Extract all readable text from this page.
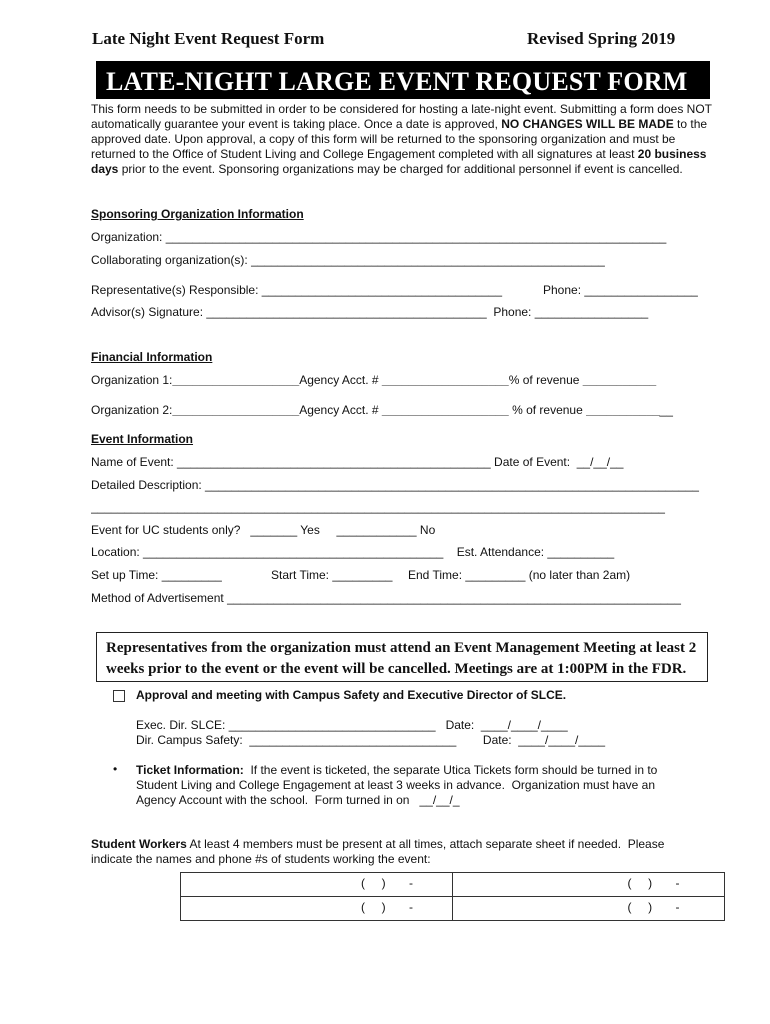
Late Night Event Request Form	Revised Spring 2019
LATE-NIGHT LARGE EVENT REQUEST FORM
This form needs to be submitted in order to be considered for hosting a late-night event. Submitting a form does NOT automatically guarantee your event is taking place. Once a date is approved, NO CHANGES WILL BE MADE to the approved date. Upon approval, a copy of this form will be returned to the sponsoring organization and must be returned to the Office of Student Living and College Engagement completed with all signatures at least 20 business days prior to the event. Sponsoring organizations may be charged for additional personnel if event is cancelled.
Sponsoring Organization Information
Organization: ___________________________________________________________________________
Collaborating organization(s): _____________________________________________________
Representative(s) Responsible: ____________________________________	Phone: _________________
Advisor(s) Signature: __________________________________________  Phone: _________________
Financial Information
Organization 1:___________________Agency Acct. # ___________________% of revenue ___________
Organization 2:___________________Agency Acct. # ___________________ % of revenue _____________
Event Information
Name of Event: _______________________________________________ Date of Event:  __/__/__
Detailed Description: __________________________________________________________________________
______________________________________________________________________________________
Event for UC students only?   _______ Yes     ____________ No
Location: _____________________________________________    Est. Attendance: __________
Set up Time: _________	Start Time: _________ End Time: _________ (no later than 2am)
Method of Advertisement ____________________________________________________________________
Representatives from the organization must attend an Event Management Meeting at least 2 weeks prior to the event or the event will be cancelled. Meetings are at 1:00PM in the FDR.
Approval and meeting with Campus Safety and Executive Director of SLCE.
Exec. Dir. SLCE: _______________________________   Date:  ____/____/____
Dir. Campus Safety:  _______________________________        Date:  ____/____/____
• Ticket Information:  If the event is ticketed, the separate Utica Tickets form should be turned in to
Student Living and College Engagement at least 3 weeks in advance.  Organization must have an
Agency Account with the school.  Form turned in on   __/__/_
Student Workers At least 4 members must be present at all times, attach separate sheet if needed.  Please
indicate the names and phone #s of students working the event:
(     )       -	(     )       -

(     )       -	(     )       -
